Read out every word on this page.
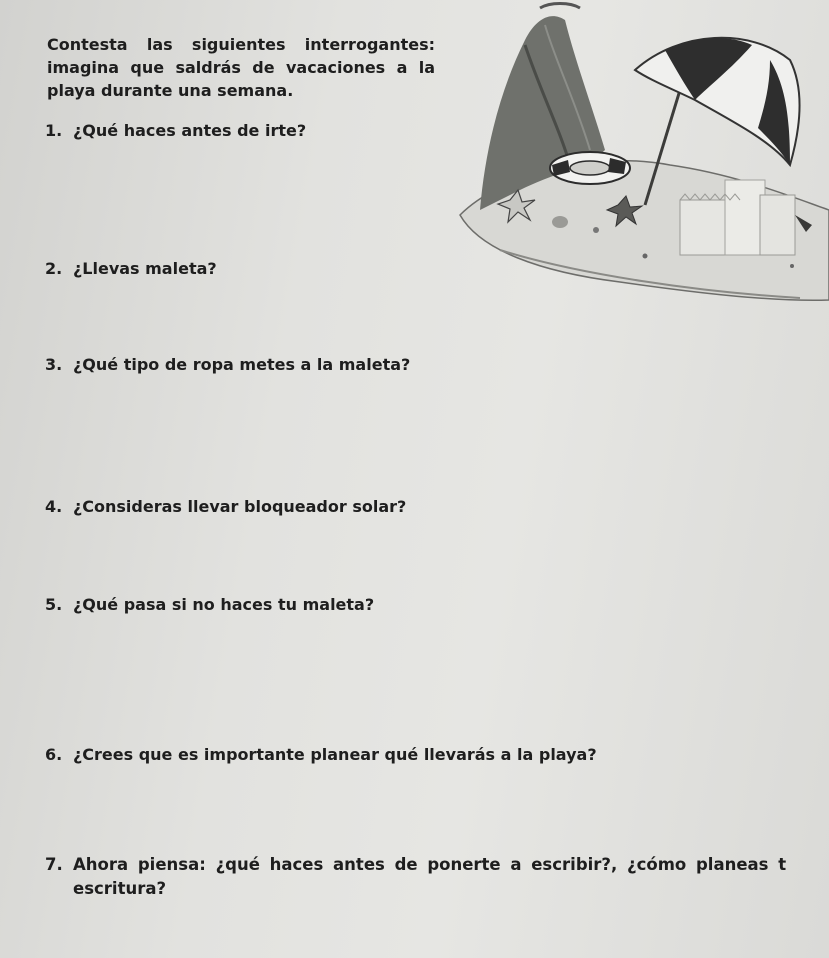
Contesta las siguientes interrogantes:
imagina que saldrás de vacaciones a la
playa durante una semana.
1. ¿Qué haces antes de irte?
2. ¿Llevas maleta?
3. ¿Qué tipo de ropa metes a la maleta?
4. ¿Consideras llevar bloqueador solar?
5. ¿Qué pasa si no haces tu maleta?
6. ¿Crees que es importante planear qué llevarás a la playa?
7. Ahora piensa: ¿qué haces antes de ponerte a escribir?, ¿cómo planeas t
escritura?
